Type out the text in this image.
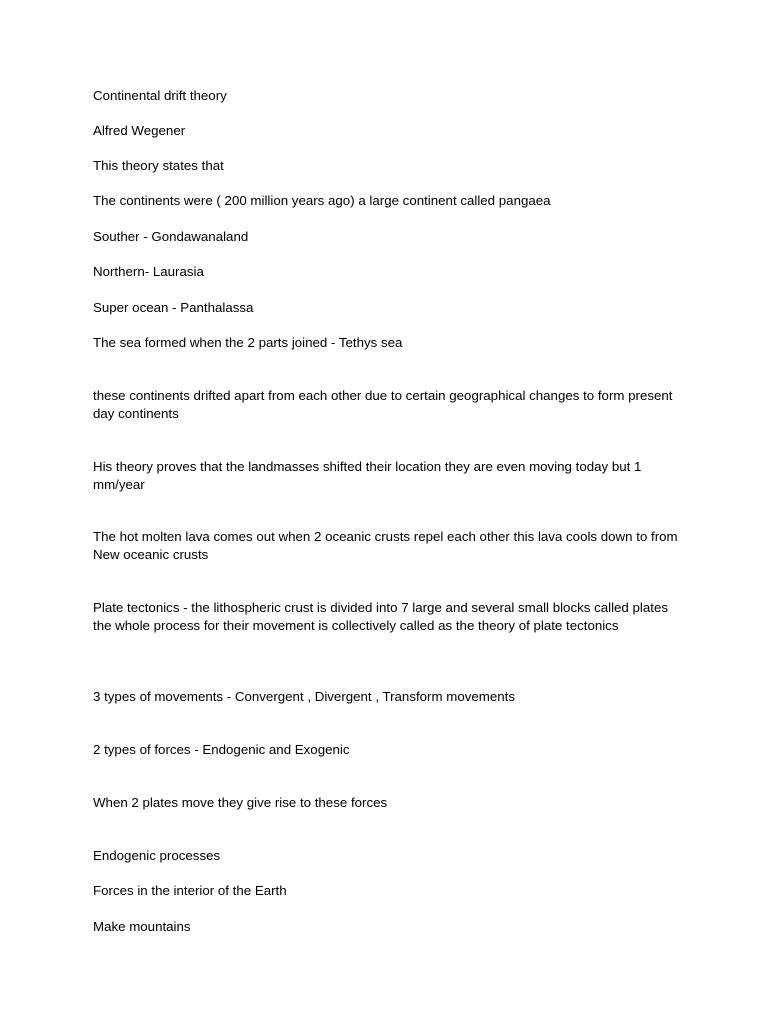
Continental drift theory

Alfred Wegener

This theory states that

The continents were ( 200 million years ago) a large continent called pangaea

Souther - Gondawanaland

Northern- Laurasia

Super ocean - Panthalassa

The sea formed when the 2 parts joined - Tethys sea

these continents drifted apart from each other due to certain geographical changes to form present day continents

His theory proves that the landmasses shifted their location they are even moving today but 1 mm/year

The hot molten lava comes out when 2 oceanic crusts repel each other this lava cools down to from New oceanic crusts

Plate tectonics - the lithospheric crust is divided into 7 large and several small blocks called plates the whole process for their movement is collectively called as the theory of plate tectonics

3 types of movements - Convergent , Divergent , Transform movements

2 types of forces - Endogenic and Exogenic

When 2 plates move they give rise to these forces

Endogenic processes

Forces in the interior of the Earth

Make mountains
